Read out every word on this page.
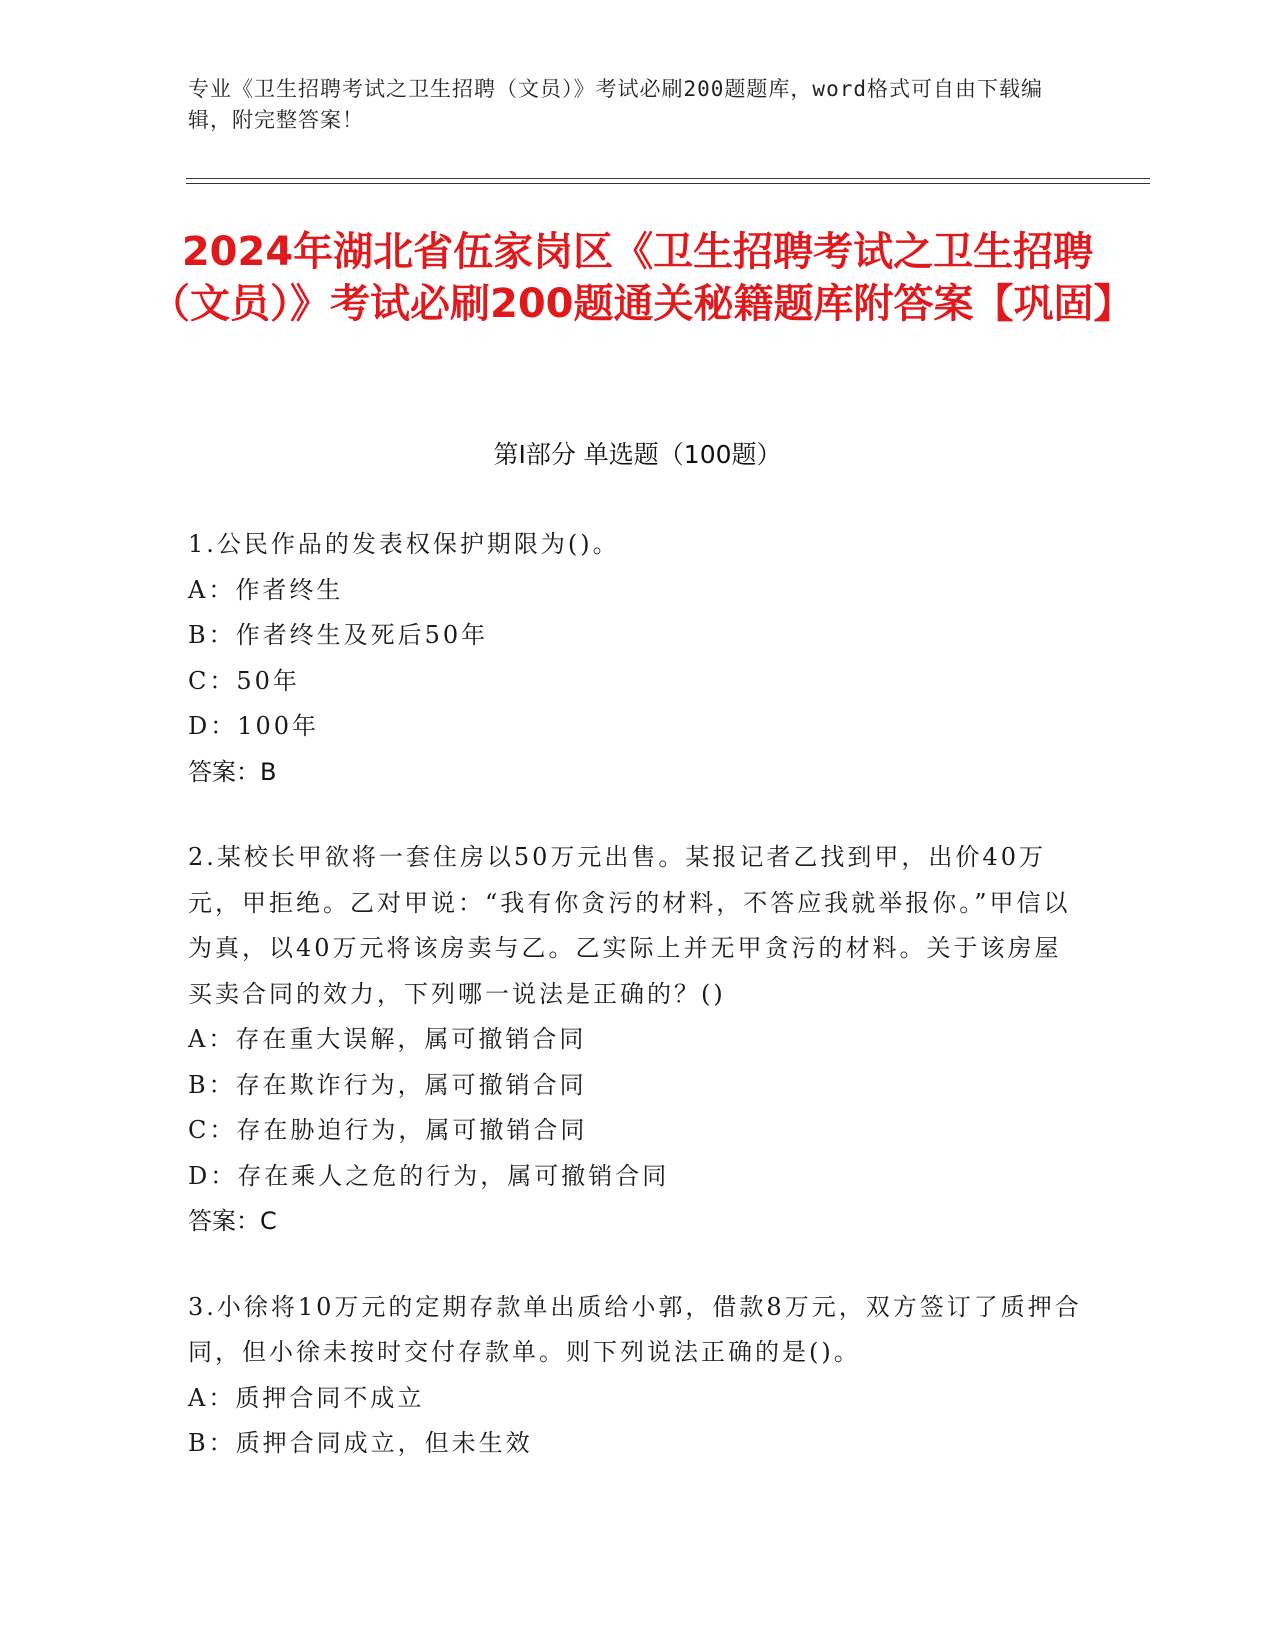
专业《卫生招聘考试之卫生招聘（文员）》考试必刷200题题库，word格式可自由下载编辑，附完整答案！
2024年湖北省伍家岗区《卫生招聘考试之卫生招聘（文员）》考试必刷200题通关秘籍题库附答案【巩固】
第Ⅰ部分 单选题（100题）
1.公民作品的发表权保护期限为()。
A：作者终生
B：作者终生及死后50年
C：50年
D：100年
答案：B
2.某校长甲欲将一套住房以50万元出售。某报记者乙找到甲，出价40万元，甲拒绝。乙对甲说：“我有你贪污的材料，不答应我就举报你。”甲信以为真，以40万元将该房卖与乙。乙实际上并无甲贪污的材料。关于该房屋买卖合同的效力，下列哪一说法是正确的？()
A：存在重大误解，属可撤销合同
B：存在欺诈行为，属可撤销合同
C：存在胁迫行为，属可撤销合同
D：存在乘人之危的行为，属可撤销合同
答案：C
3.小徐将10万元的定期存款单出质给小郭，借款8万元，双方签订了质押合同，但小徐未按时交付存款单。则下列说法正确的是()。
A：质押合同不成立
B：质押合同成立，但未生效
